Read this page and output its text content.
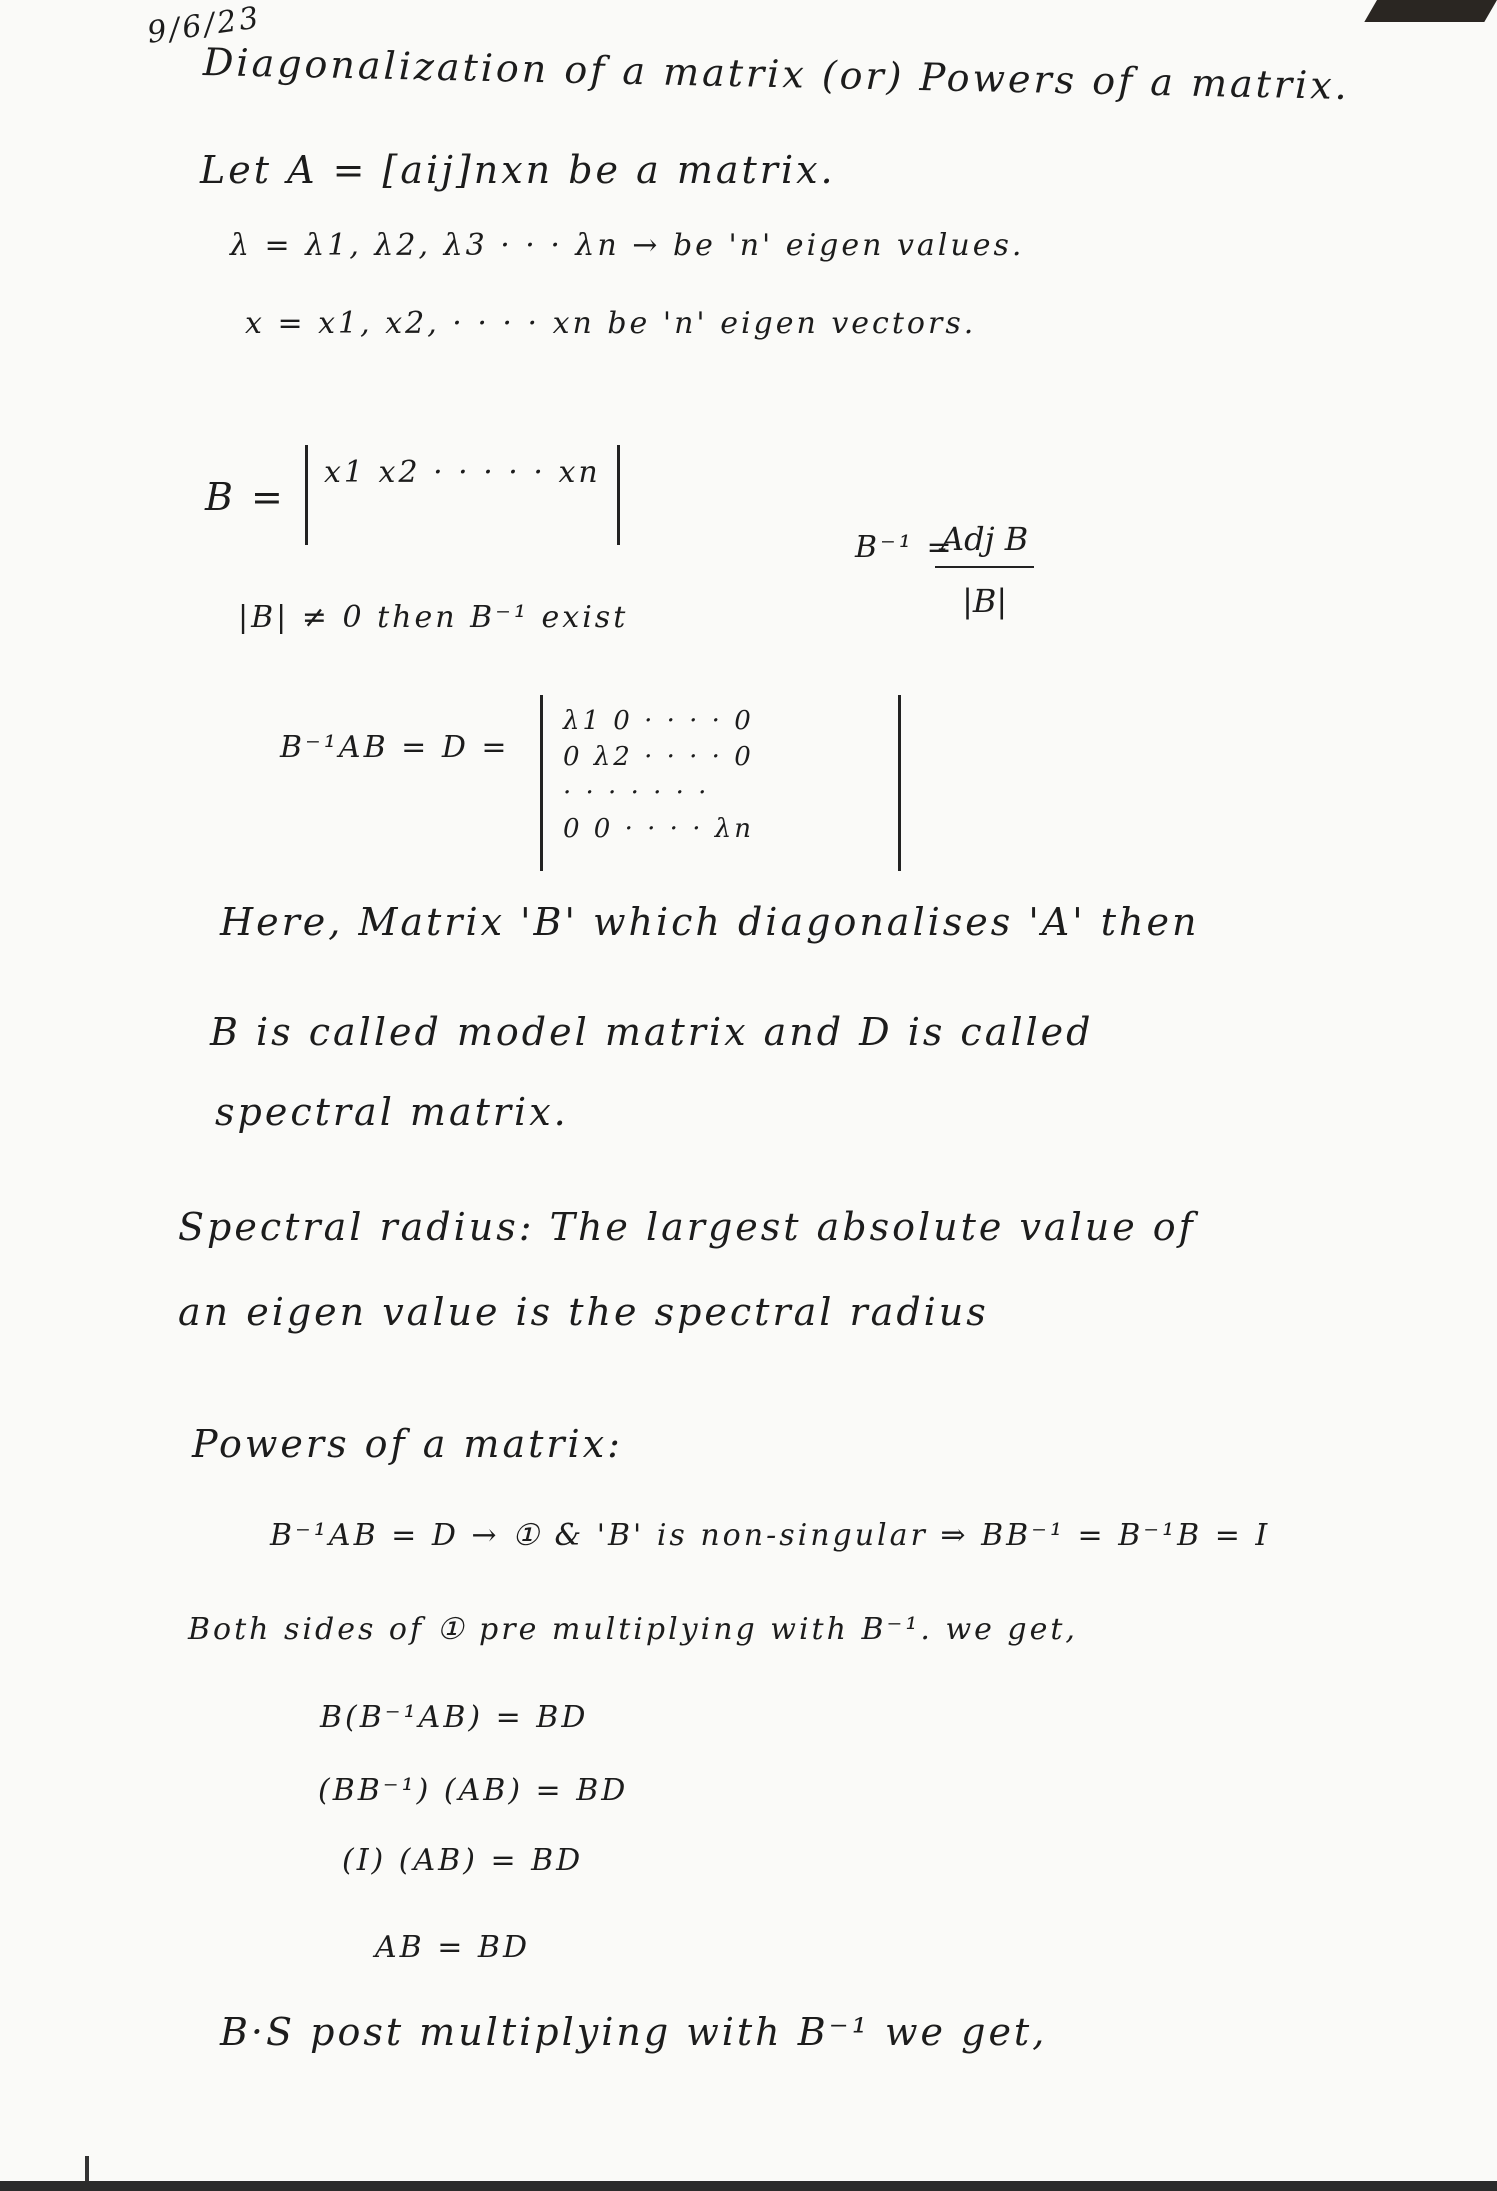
9/6/23
Diagonalization of a matrix (or) Powers of a matrix.
Let A = [aij]nxn be a matrix.
λ = λ1, λ2, λ3 · · · λn → be 'n' eigen values.
x = x1, x2, · · · · xn be 'n' eigen vectors.
B =
x1 x2 · · · · · xn
B⁻¹ =
Adj B
|B|
|B| ≠ 0 then B⁻¹ exist
B⁻¹AB = D =
λ1 0 · · · · 0
0 λ2 · · · · 0
· · · · · · ·
0 0 · · · · λn
Here, Matrix 'B' which diagonalises 'A' then
B is called model matrix and D is called
spectral matrix.
Spectral radius: The largest absolute value of
an eigen value is the spectral radius
Powers of a matrix:
B⁻¹AB = D → ① & 'B' is non-singular ⇒ BB⁻¹ = B⁻¹B = I
Both sides of ① pre multiplying with B⁻¹. we get,
B(B⁻¹AB) = BD
(BB⁻¹) (AB) = BD
(I) (AB) = BD
AB = BD
B·S post multiplying with B⁻¹ we get,
